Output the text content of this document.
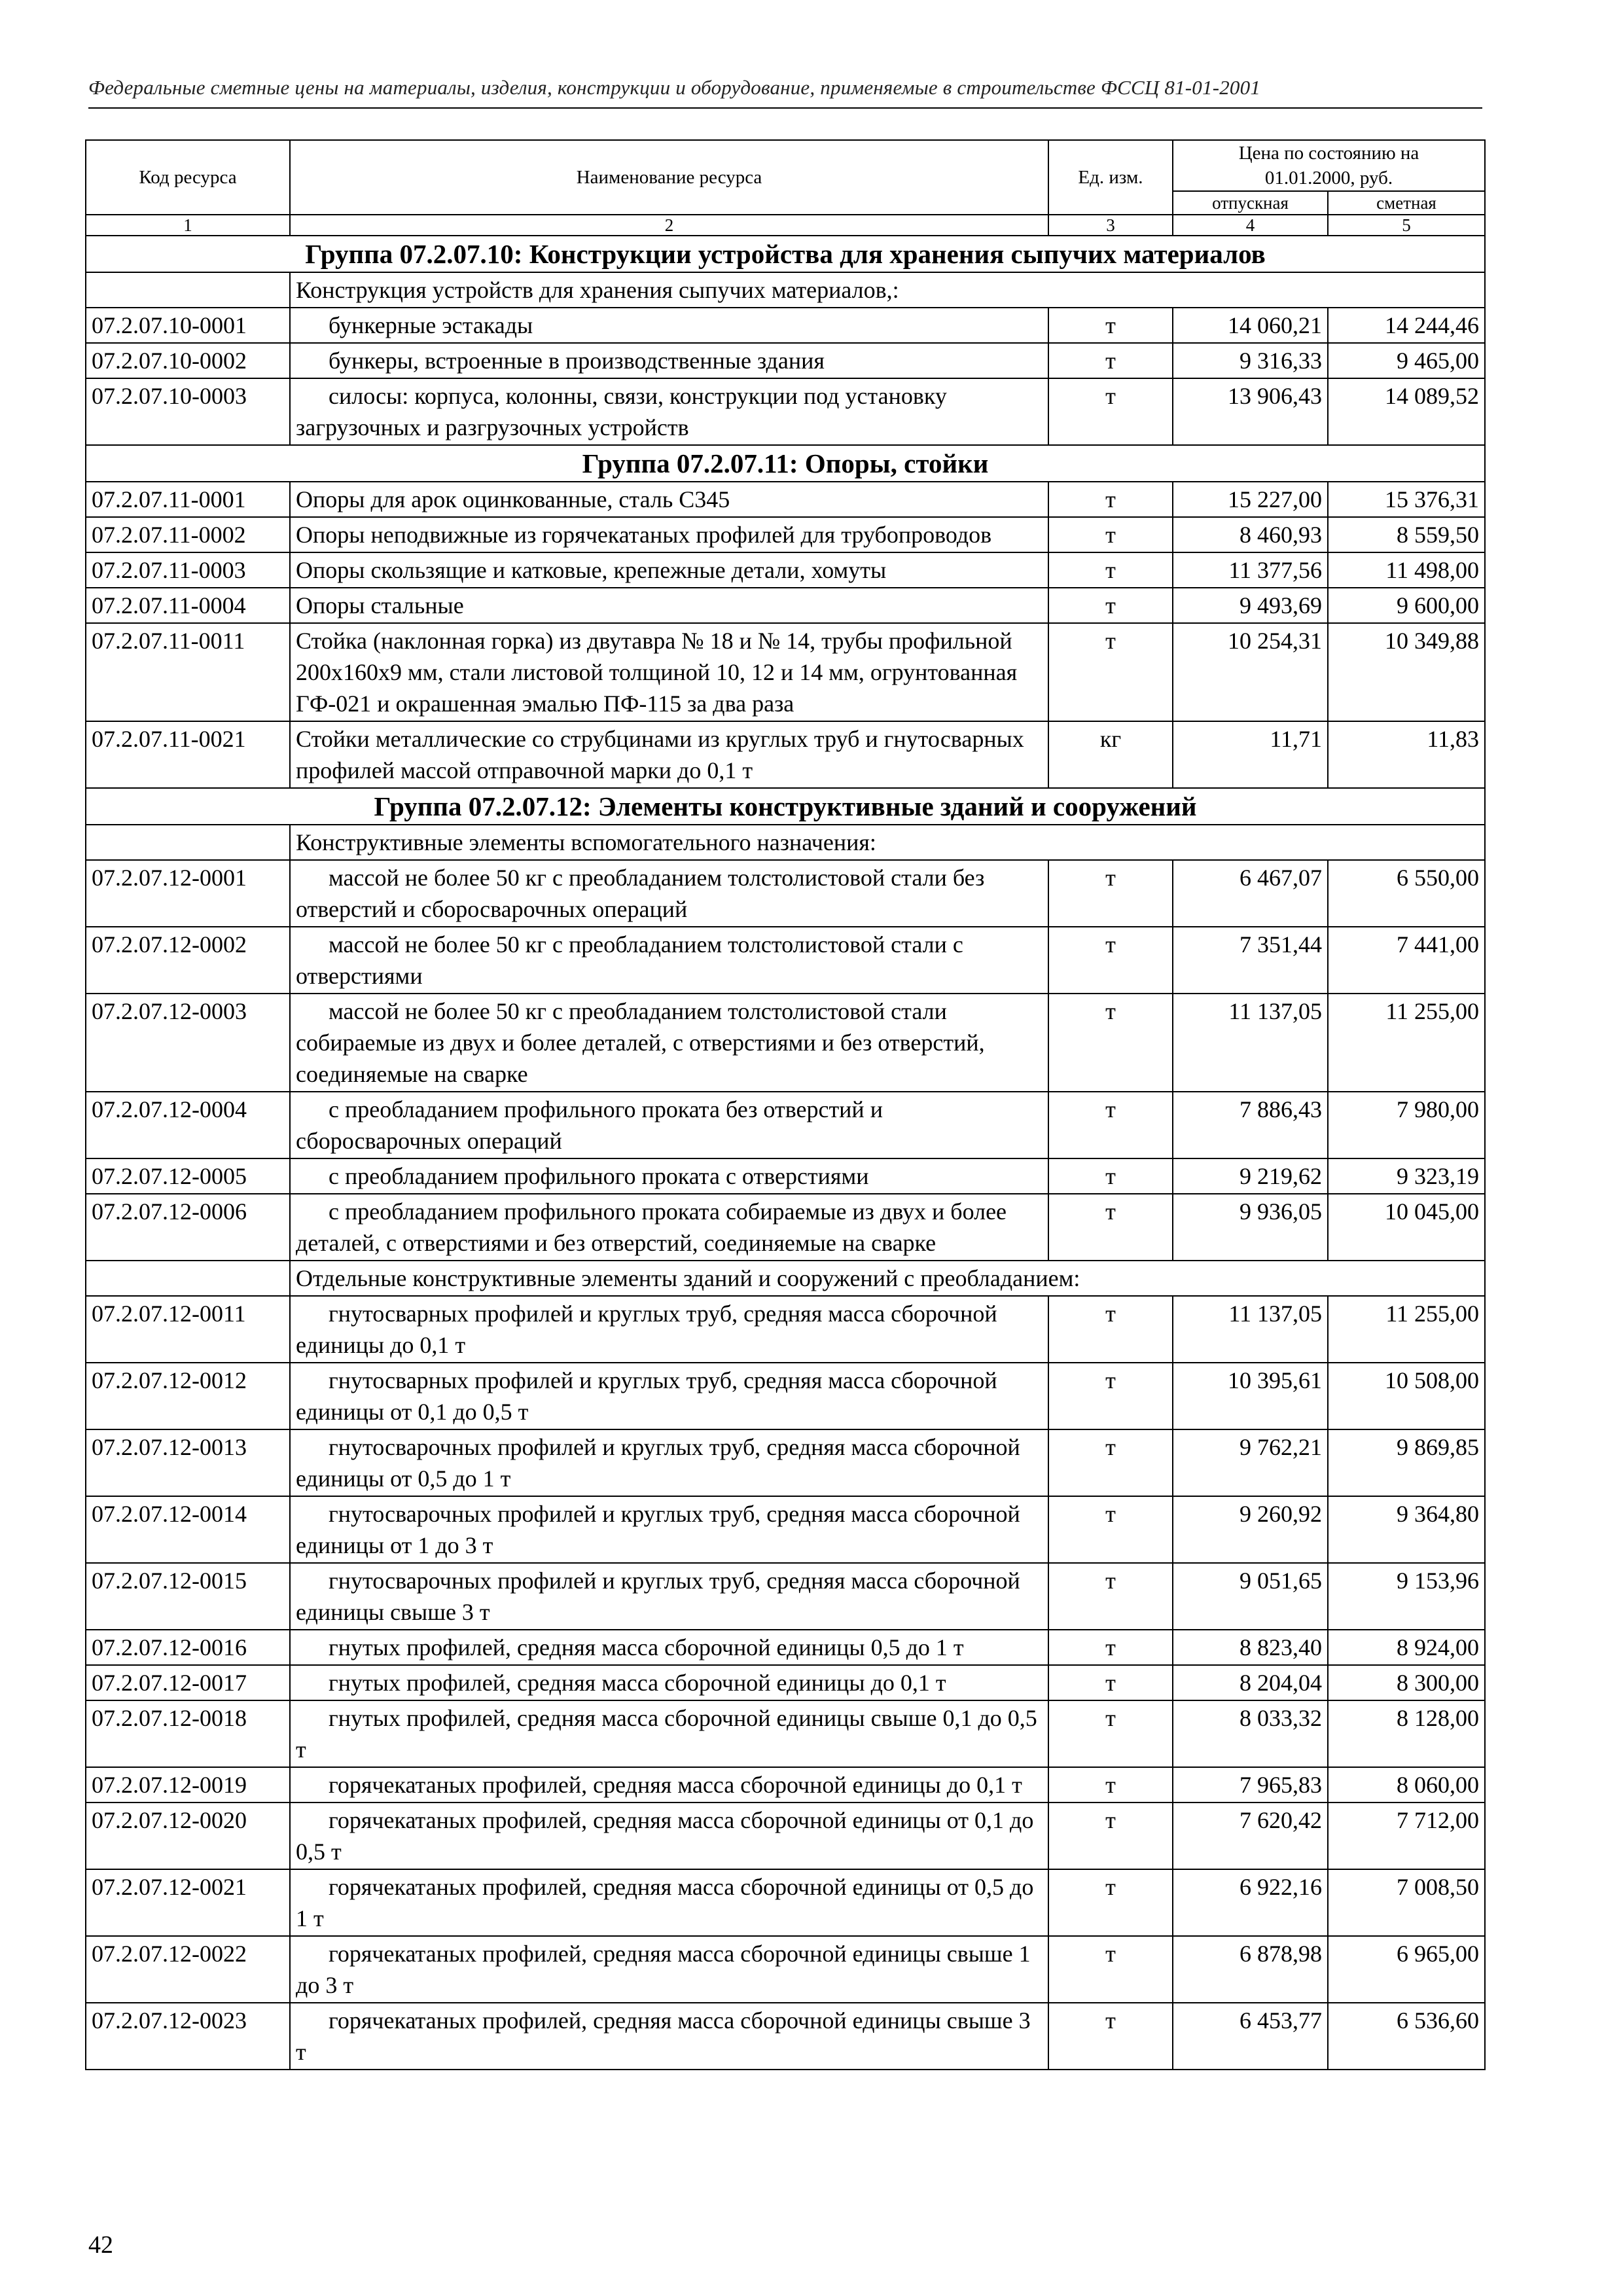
Федеральные сметные цены на материалы, изделия, конструкции и оборудование, применяемые в строительстве ФССЦ 81-01-2001
Код ресурса	Наименование ресурса	Ед. изм.	Цена по состоянию на 01.01.2000, руб.	
			отпускная	сметная
1	2	3	4	5
Группа 07.2.07.10: Конструкции устройства для хранения сыпучих материалов				
	Конструкция устройств для хранения сыпучих материалов,:			
07.2.07.10-0001	бункерные эстакады	т	14 060,21	14 244,46
07.2.07.10-0002	бункеры, встроенные в производственные здания	т	9 316,33	9 465,00
07.2.07.10-0003	силосы: корпуса, колонны, связи, конструкции под установку загрузочных и разгрузочных устройств	т	13 906,43	14 089,52
Группа 07.2.07.11: Опоры, стойки				
07.2.07.11-0001	Опоры для арок оцинкованные, сталь С345	т	15 227,00	15 376,31
07.2.07.11-0002	Опоры неподвижные из горячекатаных профилей для трубопроводов	т	8 460,93	8 559,50
07.2.07.11-0003	Опоры скользящие и катковые, крепежные детали, хомуты	т	11 377,56	11 498,00
07.2.07.11-0004	Опоры стальные	т	9 493,69	9 600,00
07.2.07.11-0011	Стойка (наклонная горка) из двутавра № 18 и № 14, трубы профильной 200х160х9 мм, стали листовой толщиной 10, 12 и 14 мм, огрунтованная ГФ-021 и окрашенная эмалью ПФ-115 за два раза	т	10 254,31	10 349,88
07.2.07.11-0021	Стойки металлические со струбцинами из круглых труб и гнутосварных профилей массой отправочной марки до 0,1 т	кг	11,71	11,83
Группа 07.2.07.12: Элементы конструктивные зданий и сооружений				
	Конструктивные элементы вспомогательного назначения:			
07.2.07.12-0001	массой не более 50 кг с преобладанием толстолистовой стали без отверстий и сборосварочных операций	т	6 467,07	6 550,00
07.2.07.12-0002	массой не более 50 кг с преобладанием толстолистовой стали с отверстиями	т	7 351,44	7 441,00
07.2.07.12-0003	массой не более 50 кг с преобладанием толстолистовой стали собираемые из двух и более деталей, с отверстиями и без отверстий, соединяемые на сварке	т	11 137,05	11 255,00
07.2.07.12-0004	с преобладанием профильного проката без отверстий и сборосварочных операций	т	7 886,43	7 980,00
07.2.07.12-0005	с преобладанием профильного проката с отверстиями	т	9 219,62	9 323,19
07.2.07.12-0006	с преобладанием профильного проката собираемые из двух и более деталей, с отверстиями и без отверстий, соединяемые на сварке	т	9 936,05	10 045,00
	Отдельные конструктивные элементы зданий и сооружений с преобладанием:			
07.2.07.12-0011	гнутосварных профилей и круглых труб, средняя масса сборочной единицы до 0,1 т	т	11 137,05	11 255,00
07.2.07.12-0012	гнутосварных профилей и круглых труб, средняя масса сборочной единицы от 0,1 до 0,5 т	т	10 395,61	10 508,00
07.2.07.12-0013	гнутосварочных профилей и круглых труб, средняя масса сборочной единицы от 0,5 до 1 т	т	9 762,21	9 869,85
07.2.07.12-0014	гнутосварочных профилей и круглых труб, средняя масса сборочной единицы от 1 до 3 т	т	9 260,92	9 364,80
07.2.07.12-0015	гнутосварочных профилей и круглых труб, средняя масса сборочной единицы свыше 3 т	т	9 051,65	9 153,96
07.2.07.12-0016	гнутых профилей, средняя масса сборочной единицы 0,5 до 1 т	т	8 823,40	8 924,00
07.2.07.12-0017	гнутых профилей, средняя масса сборочной единицы до 0,1 т	т	8 204,04	8 300,00
07.2.07.12-0018	гнутых профилей, средняя масса сборочной единицы свыше 0,1 до 0,5 т	т	8 033,32	8 128,00
07.2.07.12-0019	горячекатаных профилей, средняя масса сборочной единицы до 0,1 т	т	7 965,83	8 060,00
07.2.07.12-0020	горячекатаных профилей, средняя масса сборочной единицы от 0,1 до 0,5 т	т	7 620,42	7 712,00
07.2.07.12-0021	горячекатаных профилей, средняя масса сборочной единицы от 0,5 до 1 т	т	6 922,16	7 008,50
07.2.07.12-0022	горячекатаных профилей, средняя масса сборочной единицы свыше 1 до 3 т	т	6 878,98	6 965,00
07.2.07.12-0023	горячекатаных профилей, средняя масса сборочной единицы свыше 3 т	т	6 453,77	6 536,60
42
